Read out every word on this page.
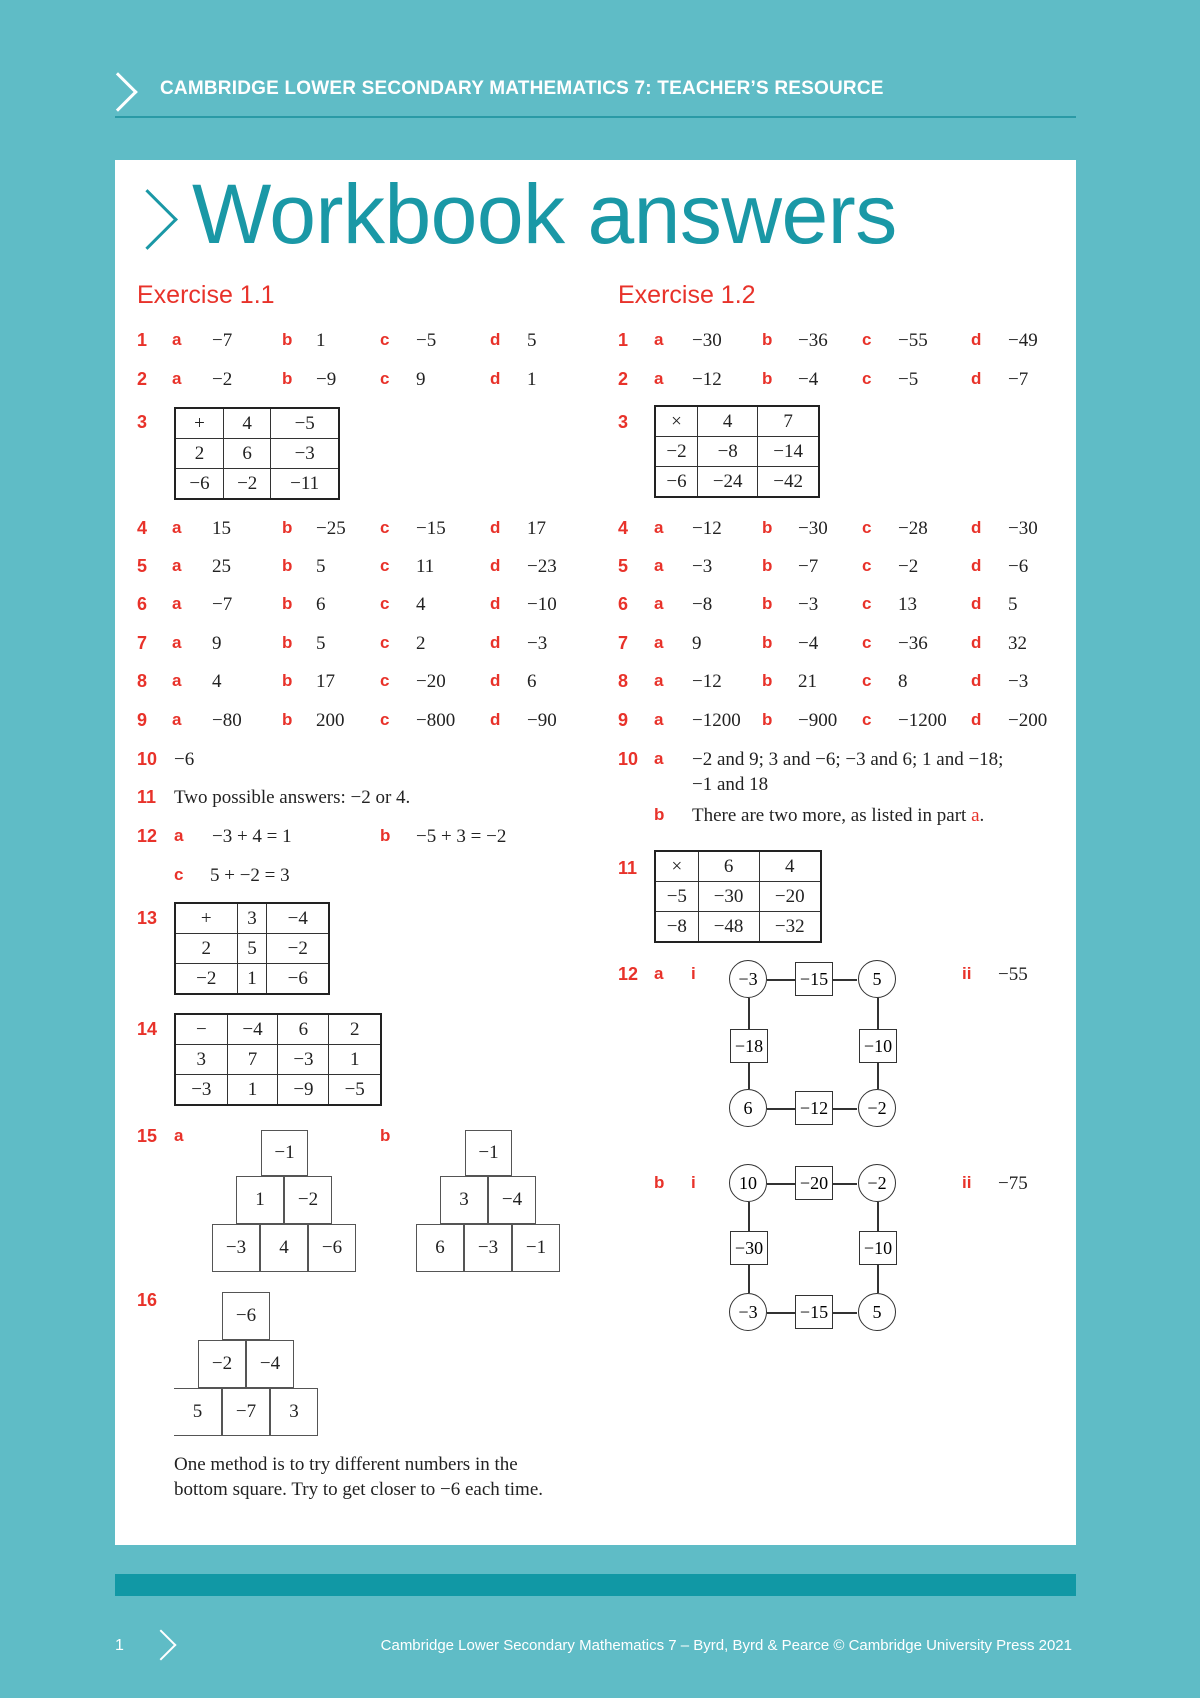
CAMBRIDGE LOWER SECONDARY MATHEMATICS 7: TEACHER’S RESOURCE
Workbook answers
Exercise 1.1
1 a −7	b 1	c −5	d 5
2 a −2	b −9	c 9	d 1
3 +	4	−5
2	6	−3
−6	−2	−11
4 a 15	b −25 c −15	d 17
5 a 25	b 5	c 11	d −23
6 a −7	b 6	c 4	d −10
7 a 9	b 5	c 2	d −3
8 a 4	b 17	c −20	d 6
9 a −80 b 200 c −800 d −90
10 −6
11 Two possible answers: −2 or 4.
12 a −3 + 4 = 1	b −5 + 3 = −2
c 5 + −2 = 3
13 +	3	−4
2	5	−2
−2	1	−6
14 −	−4	6	2
3	7	−3	1
−3	1	−9	−5
15 a	b
−1
1	−2
−3	4	−6
−1
3	−4
6	−3	−1
16
−6
−2	−4
5	−7	3
One method is to try different numbers in the bottom square. Try to get closer to −6 each time.
Exercise 1.2
1 a −30 b −36 c −55	d −49
2 a −12 b −4	c −5	d −7
3 ×	4	7
−2	−8	−14
−6	−24	−42
4 a −12 b −30 c −28	d −30
5 a −3	b −7	c −2	d −6
6 a −8	b −3	c 13	d 5
7 a 9	b −4	c −36	d 32
8 a −12 b 21	c 8	d −3
9 a −1200 b −900 c −1200 d −200
10 a −2 and 9; 3 and −6; −3 and 6; 1 and −18;
−1 and 18
b There are two more, as listed in part a.
11 ×	6	4
−5	−30	−20
−8	−48	−32
12 a i	ii −55
−3	−15	5
−18	−10
6	−12	−2
b i	ii −75
10	−20	−2
−30	−10
−3	−15	5
1	Cambridge Lower Secondary Mathematics 7 – Byrd, Byrd & Pearce © Cambridge University Press 2021
